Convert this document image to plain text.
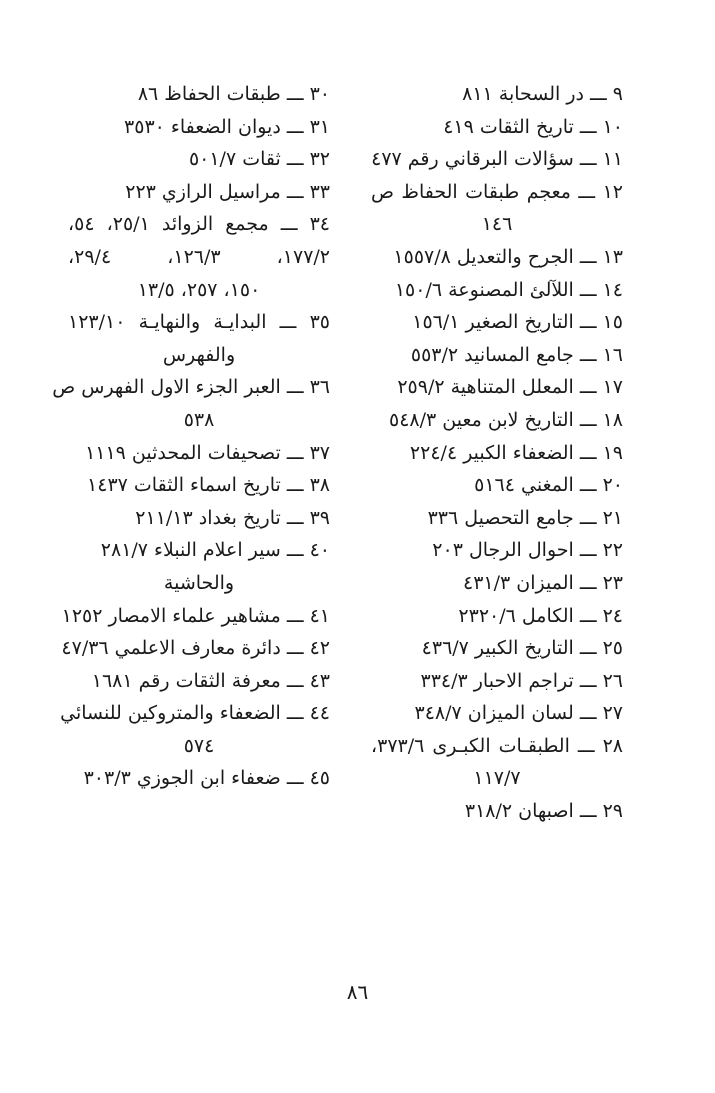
٩ ـــ در السحابة ٨١١
١٠ ـــ تاريخ الثقات ٤١٩
١١ ـــ سؤالات البرقاني رقم ٤٧٧
١٢ ـــ معجم طبقات الحفاظ ص
١٤٦
١٣ ـــ الجرح والتعديل ١٥٥٧/٨
١٤ ـــ اللآلئ المصنوعة ١٥٠/٦
١٥ ـــ التاريخ الصغير ١٥٦/١
١٦ ـــ جامع المسانيد ٥٥٣/٢
١٧ ـــ المعلل المتناهية ٢٥٩/٢
١٨ ـــ التاريخ لابن معين ٥٤٨/٣
١٩ ـــ الضعفاء الكبير ٢٢٤/٤
٢٠ ـــ المغني ٥١٦٤
٢١ ـــ جامع التحصيل ٣٣٦
٢٢ ـــ احوال الرجال ٢٠٣
٢٣ ـــ الميزان ٤٣١/٣
٢٤ ـــ الكامل ٢٣٢٠/٦
٢٥ ـــ التاريخ الكبير ٤٣٦/٧
٢٦ ـــ تراجم الاحبار ٣٣٤/٣
٢٧ ـــ لسان الميزان ٣٤٨/٧
٢٨ ـــ الطبقـات الكبـرى ٣٧٣/٦،
١١٧/٧
٢٩ ـــ اصبهان ٣١٨/٢
٣٠ ـــ طبقات الحفاظ ٨٦
٣١ ـــ ديوان الضعفاء ٣٥٣٠
٣٢ ـــ ثقات ٥٠١/٧
٣٣ ـــ مراسيل الرازي ٢٢٣
٣٤ ـــ مجمع الزوائد ٢٥/١، ٥٤،
١٧٧/٢، ١٢٦/٣، ٢٩/٤،
١٥٠، ٢٥٧، ١٣/٥
٣٥ ـــ البدايـة والنهايـة ١٢٣/١٠
والفهرس
٣٦ ـــ العبر الجزء الاول الفهرس ص
٥٣٨
٣٧ ـــ تصحيفات المحدثين ١١١٩
٣٨ ـــ تاريخ اسماء الثقات ١٤٣٧
٣٩ ـــ تاريخ بغداد ٢١١/١٣
٤٠ ـــ سير اعلام النبلاء ٢٨١/٧
والحاشية
٤١ ـــ مشاهير علماء الامصار ١٢٥٢
٤٢ ـــ دائرة معارف الاعلمي ٤٧/٣٦
٤٣ ـــ معرفة الثقات رقم ١٦٨١
٤٤ ـــ الضعفاء والمتروكين للنسائي
٥٧٤
٤٥ ـــ ضعفاء ابن الجوزي ٣٠٣/٣
٨٦
